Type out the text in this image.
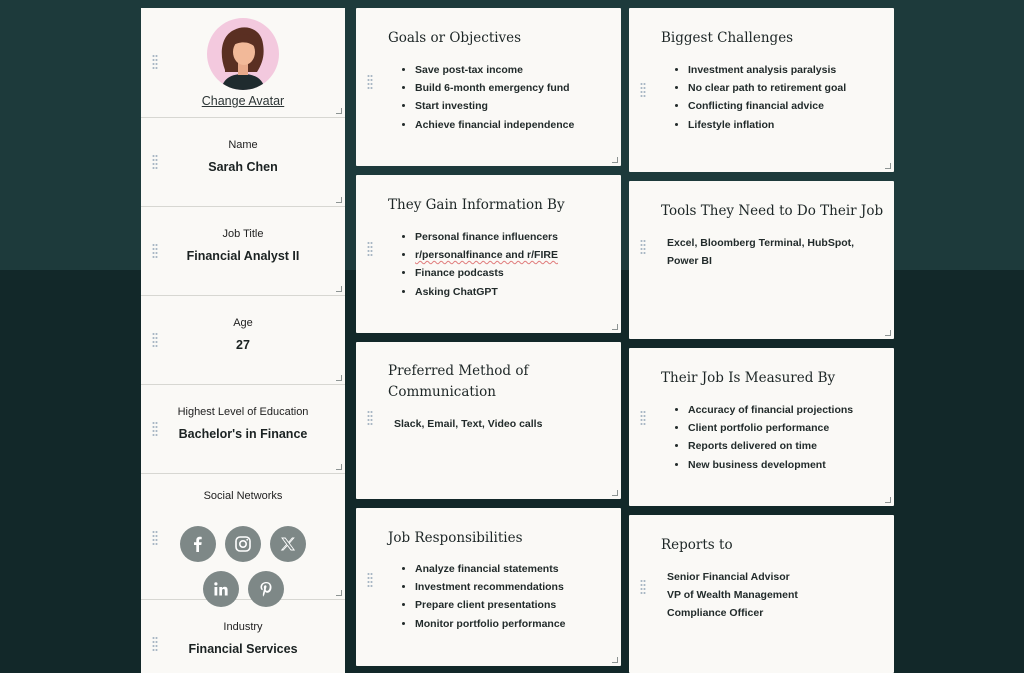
Change Avatar
Name
Sarah Chen
Job Title
Financial Analyst II
Age
27
Highest Level of Education
Bachelor's in Finance
Social Networks
Industry
Financial Services
Goals or Objectives
• Save post-tax income
• Build 6-month emergency fund
• Start investing
• Achieve financial independence
They Gain Information By
• Personal finance influencers
• r/personalfinance and r/FIRE
• Finance podcasts
• Asking ChatGPT
Preferred Method of Communication

Slack, Email, Text, Video calls

Job Responsibilities
• Analyze financial statements
• Investment recommendations
• Prepare client presentations
• Monitor portfolio performance
Biggest Challenges
• Investment analysis paralysis
• No clear path to retirement goal
• Conflicting financial advice
• Lifestyle inflation
Tools They Need to Do Their Job

Excel, Bloomberg Terminal, HubSpot, Power BI

Their Job Is Measured By
• Accuracy of financial projections
• Client portfolio performance
• Reports delivered on time
• New business development
Reports to

Senior Financial Advisor

VP of Wealth Management

Compliance Officer
